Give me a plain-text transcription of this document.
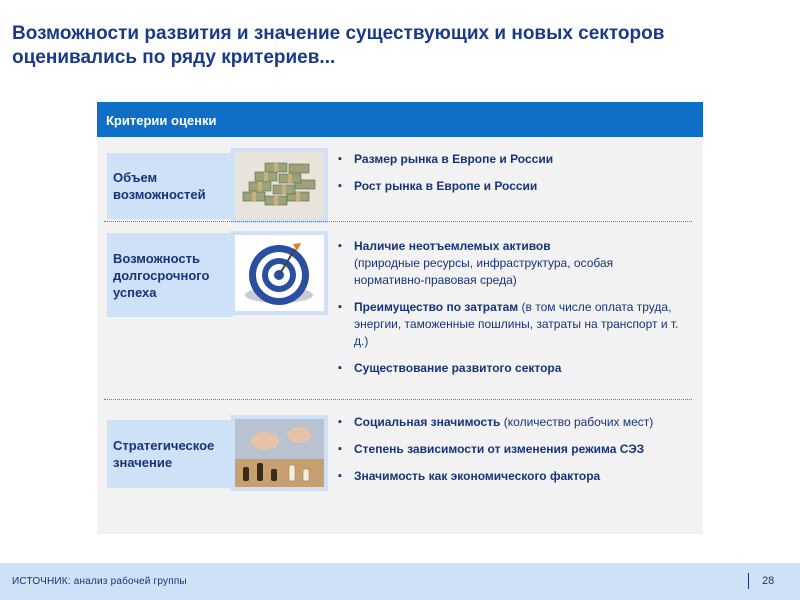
Возможности развития и значение существующих и новых секторов оценивались по ряду критериев...
Критерии оценки
Объем возможностей
▪ Размер рынка в Европе и России
▪ Рост рынка в Европе и России
Возможность долгосрочного успеха
▪ Наличие неотъемлемых активов
(природные ресурсы, инфраструктура, особая нормативно-правовая среда)
▪ Преимущество по затратам (в том числе оплата труда, энергии, таможенные пошлины, затраты на транспорт и т. д.)
▪ Существование развитого сектора
Стратегическое значение
▪ Социальная значимость (количество рабочих мест)
▪ Степень зависимости от изменения режима СЭЗ
▪ Значимость как экономического фактора
ИСТОЧНИК: анализ рабочей группы	28
